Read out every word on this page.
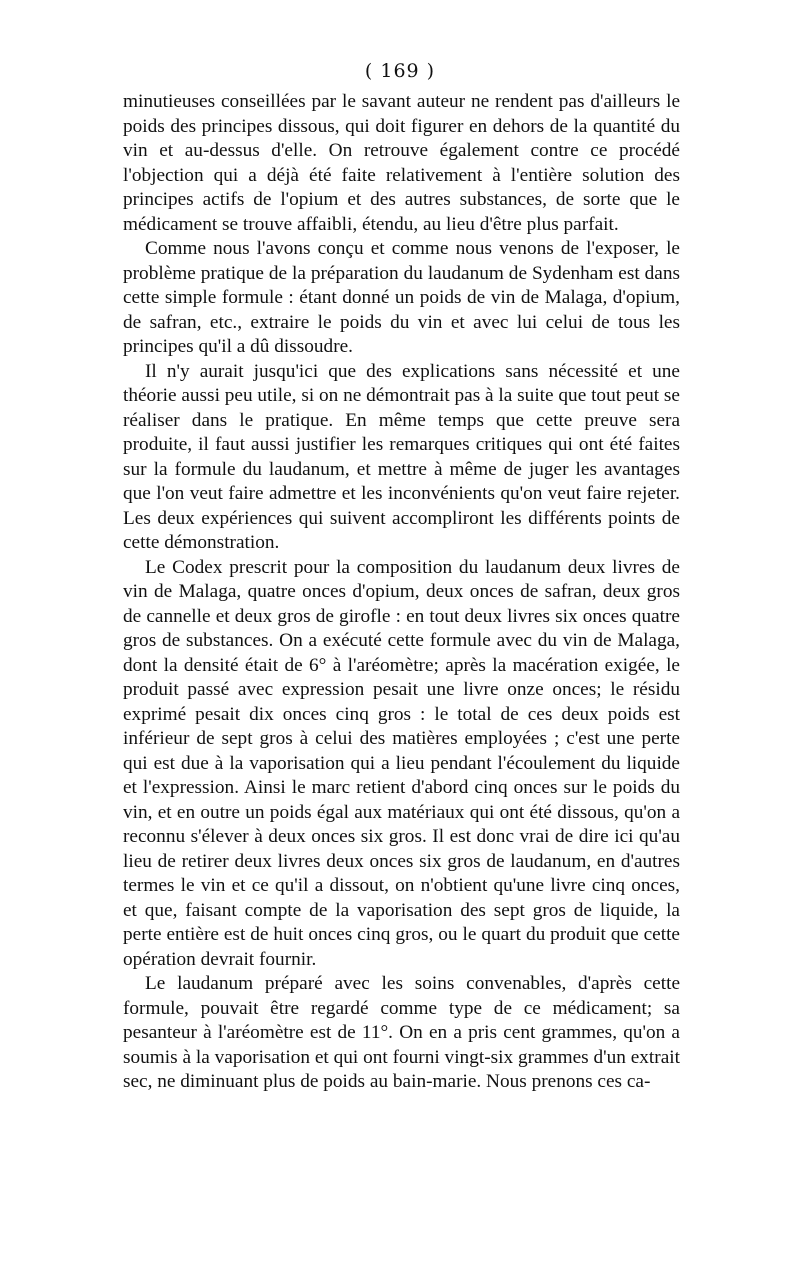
( 169 )

minutieuses conseillées par le savant auteur ne rendent pas d'ailleurs le poids des principes dissous, qui doit figurer en dehors de la quantité du vin et au-dessus d'elle. On retrouve également contre ce procédé l'objection qui a déjà été faite relativement à l'entière solution des principes actifs de l'opium et des autres substances, de sorte que le médicament se trouve affaibli, étendu, au lieu d'être plus parfait.

Comme nous l'avons conçu et comme nous venons de l'exposer, le problème pratique de la préparation du laudanum de Sydenham est dans cette simple formule : étant donné un poids de vin de Malaga, d'opium, de safran, etc., extraire le poids du vin et avec lui celui de tous les principes qu'il a dû dissoudre.

Il n'y aurait jusqu'ici que des explications sans nécessité et une théorie aussi peu utile, si on ne démontrait pas à la suite que tout peut se réaliser dans le pratique. En même temps que cette preuve sera produite, il faut aussi justifier les remarques critiques qui ont été faites sur la formule du laudanum, et mettre à même de juger les avantages que l'on veut faire admettre et les inconvénients qu'on veut faire rejeter. Les deux expériences qui suivent accompliront les différents points de cette démonstration.

Le Codex prescrit pour la composition du laudanum deux livres de vin de Malaga, quatre onces d'opium, deux onces de safran, deux gros de cannelle et deux gros de girofle : en tout deux livres six onces quatre gros de substances. On a exécuté cette formule avec du vin de Malaga, dont la densité était de 6° à l'aréomètre; après la macération exigée, le produit passé avec expression pesait une livre onze onces; le résidu exprimé pesait dix onces cinq gros : le total de ces deux poids est inférieur de sept gros à celui des matières employées ; c'est une perte qui est due à la vaporisation qui a lieu pendant l'écoulement du liquide et l'expression. Ainsi le marc retient d'abord cinq onces sur le poids du vin, et en outre un poids égal aux matériaux qui ont été dissous, qu'on a reconnu s'élever à deux onces six gros. Il est donc vrai de dire ici qu'au lieu de retirer deux livres deux onces six gros de laudanum, en d'autres termes le vin et ce qu'il a dissout, on n'obtient qu'une livre cinq onces, et que, faisant compte de la vaporisation des sept gros de liquide, la perte entière est de huit onces cinq gros, ou le quart du produit que cette opération devrait fournir.

Le laudanum préparé avec les soins convenables, d'après cette formule, pouvait être regardé comme type de ce médicament; sa pesanteur à l'aréomètre est de 11°. On en a pris cent grammes, qu'on a soumis à la vaporisation et qui ont fourni vingt-six grammes d'un extrait sec, ne diminuant plus de poids au bain-marie. Nous prenons ces ca-
